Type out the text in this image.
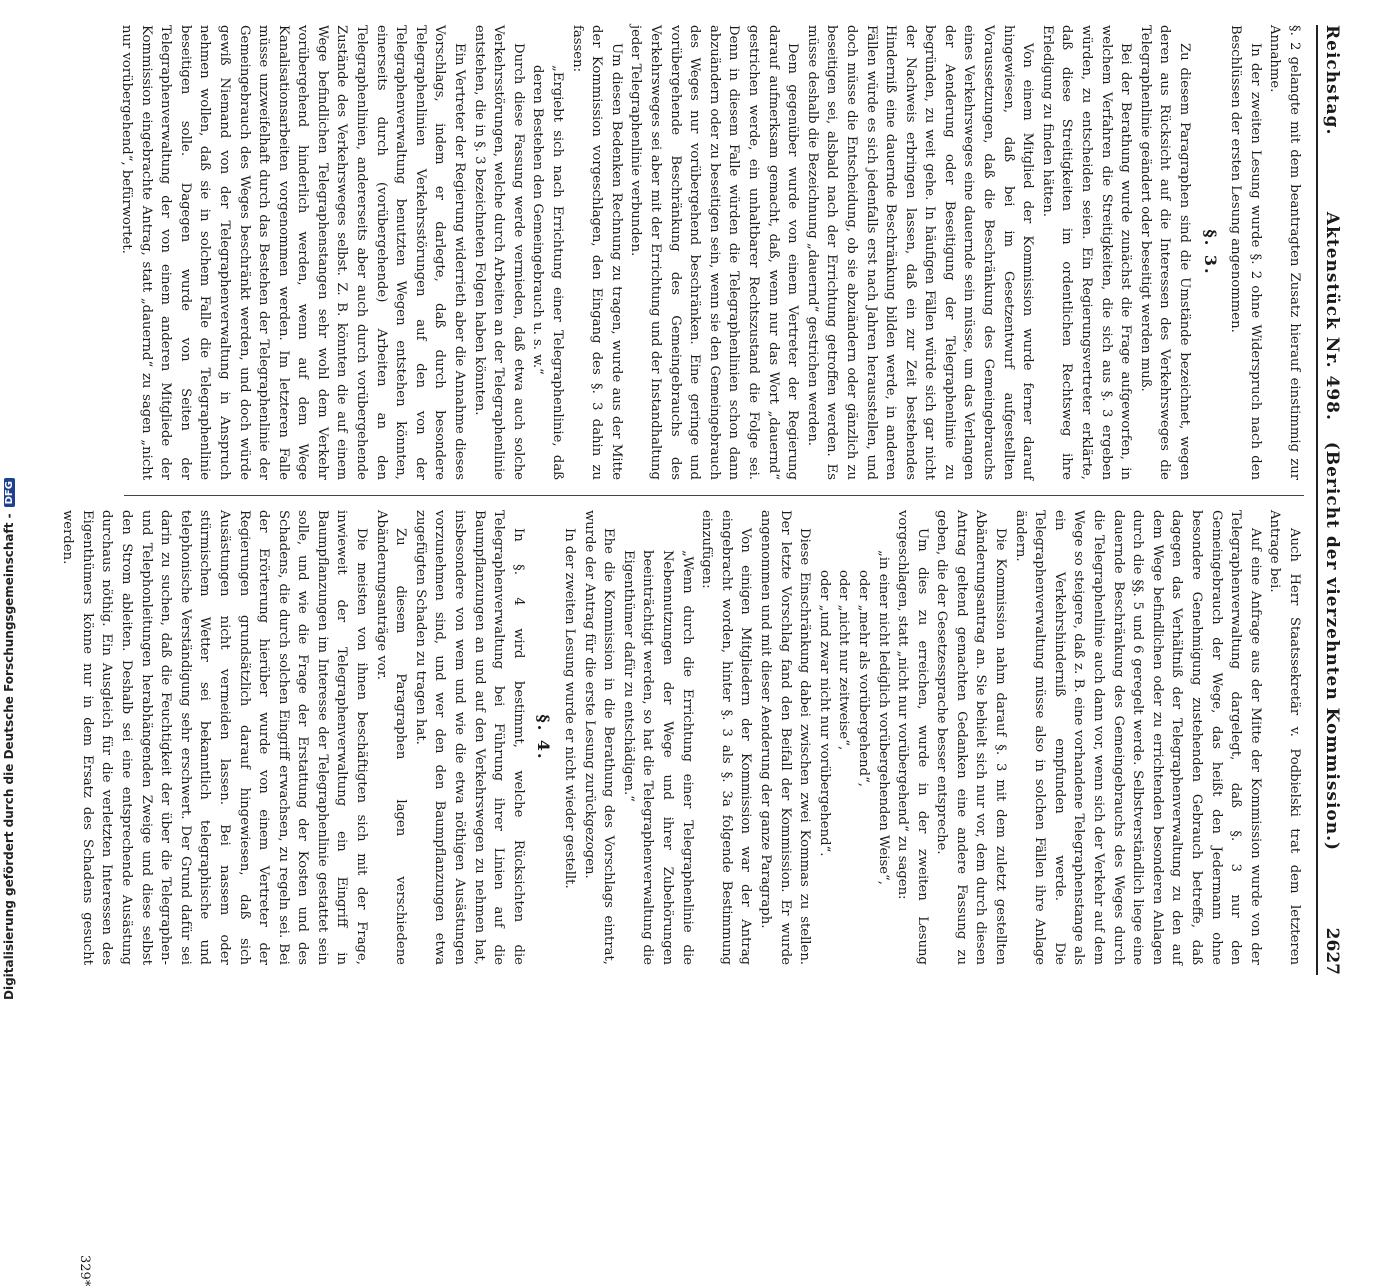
Reichstag.
Aktenstück Nr. 498.   (Bericht der vierzehnten Kommission.)
2627

§. 2 gelangte mit dem beantragten Zusatz hierauf einstimmig zur Annahme.

In der zweiten Lesung wurde §. 2 ohne Widerspruch nach den Beschlüssen der ersten Lesung angenommen.

§. 3.

Zu diesem Paragraphen sind die Umstände bezeichnet, wegen deren aus Rücksicht auf die Interessen des Verkehrsweges die Telegraphenlinie geändert oder beseitigt werden muß.

Bei der Berathung wurde zunächst die Frage aufgeworfen, in welchem Verfahren die Streitigkeiten, die sich aus §. 3 ergeben würden, zu entscheiden seien. Ein Regierungsvertreter erklärte, daß diese Streitigkeiten im ordentlichen Rechtsweg ihre Erledigung zu finden hätten.

Von einem Mitglied der Kommission wurde ferner darauf hingewiesen, daß bei im Gesetzentwurf aufgestellten Voraussetzungen, daß die Beschränkung des Gemeingebrauchs eines Verkehrsweges eine dauernde sein müsse, um das Verlangen der Aenderung oder Beseitigung der Telegraphenlinie zu begründen, zu weit gehe. In häufigen Fällen würde sich gar nicht der Nachweis erbringen lassen, daß ein zur Zeit bestehendes Hinderniß eine dauernde Beschränkung bilden werde, in anderen Fällen würde es sich jedenfalls erst nach Jahren herausstellen, und doch müsse die Entscheidung, ob sie abzuändern oder gänzlich zu beseitigen sei, alsbald nach der Errichtung getroffen werden. Es müsse deshalb die Bezeichnung „dauernd“ gestrichen werden.

Dem gegenüber wurde von einem Vertreter der Regierung darauf aufmerksam gemacht, daß, wenn nur das Wort „dauernd“ gestrichen werde, ein unhaltbarer Rechtszustand die Folge sei. Denn in diesem Falle würden die Telegraphenlinien schon dann abzuändern oder zu beseitigen sein, wenn sie den Gemeingebrauch des Weges nur vorübergehend beschränken. Eine geringe und vorübergehende Beschränkung des Gemeingebrauchs des Verkehrsweges sei aber mit der Errichtung und der Instandhaltung jeder Telegraphenlinie verbunden.

Um diesen Bedenken Rechnung zu tragen, wurde aus der Mitte der Kommission vorgeschlagen, den Eingang des §. 3 dahin zu fassen:

„Ergiebt sich nach Errichtung einer Telegraphenlinie, daß deren Bestehen den Gemeingebrauch u. s. w.“

Durch diese Fassung werde vermieden, daß etwa auch solche Verkehrsstörungen, welche durch Arbeiten an der Telegraphenlinie entstehen, die in §. 3 bezeichneten Folgen haben könnten.

Ein Vertreter der Regierung widerrieth aber die Annahme dieses Vorschlags, indem er darlegte, daß durch besondere Telegraphenlinien Verkehrsstörungen auf den von der Telegraphenverwaltung benutzten Wegen entstehen könnten, einerseits durch (vorübergehende) Arbeiten an den Telegraphenlinien, andererseits aber auch durch vorübergehende Zustände des Verkehrsweges selbst. Z. B. könnten die auf einem Wege befindlichen Telegraphenstangen sehr wohl dem Verkehr vorübergehend hinderlich werden, wenn auf dem Wege Kanalisationsarbeiten vorgenommen werden. Im letzteren Falle müsse unzweifelhaft durch das Bestehen der Telegraphenlinie der Gemeingebrauch des Weges beschränkt werden, und doch würde gewiß Niemand von der Telegraphenverwaltung in Anspruch nehmen wollen, daß sie in solchem Falle die Telegraphenlinie beseitigen solle. Dagegen wurde von Seiten der Telegraphenverwaltung der von einem anderen Mitgliede der Kommission eingebrachte Antrag, statt „dauernd“ zu sagen „nicht nur vorübergehend“, befürwortet.

Auch Herr Staatssekretär v. Podbielski trat dem letzteren Antrage bei.

Auf eine Anfrage aus der Mitte der Kommission wurde von der Telegraphenverwaltung dargelegt, daß §. 3 nur den Gemeingebrauch der Wege, das heißt den Jedermann ohne besondere Genehmigung zustehenden Gebrauch betreffe, daß dagegen das Verhältniß der Telegraphenverwaltung zu den auf dem Wege befindlichen oder zu errichtenden besonderen Anlagen durch die §§. 5 und 6 geregelt werde. Selbstverständlich liege eine dauernde Beschränkung des Gemeingebrauchs des Weges durch die Telegraphenlinie auch dann vor, wenn sich der Verkehr auf dem Wege so steigere, daß z. B. eine vorhandene Telegraphenstange als ein Verkehrshinderniß empfunden werde. Die Telegraphenverwaltung müsse also in solchen Fällen ihre Anlage ändern.

Die Kommission nahm darauf §. 3 mit dem zuletzt gestellten Abänderungsantrag an. Sie behielt sich nur vor, dem durch diesen Antrag geltend gemachten Gedanken eine andere Fassung zu geben, die der Gesetzessprache besser entspreche.

Um dies zu erreichen, wurde in der zweiten Lesung vorgeschlagen, statt „nicht nur vorübergehend“ zu sagen:

„in einer nicht lediglich vorübergehenden Weise“,

oder „mehr als vorübergehend“,

oder „nicht nur zeitweise“,

oder „und zwar nicht nur vorübergehend“.

Diese Einschränkung dabei zwischen zwei Kommas zu stellen. Der letzte Vorschlag fand den Beifall der Kommission. Er wurde angenommen und mit dieser Aenderung der ganze Paragraph.

Von einigen Mitgliedern der Kommission war der Antrag eingebracht worden, hinter §. 3 als §. 3a folgende Bestimmung einzufügen:

„Wenn durch die Errichtung einer Telegraphenlinie die Nebennutzungen der Wege und ihrer Zubehörungen beeinträchtigt werden, so hat die Telegraphenverwaltung die Eigenthümer dafür zu entschädigen.“

Ehe die Kommission in die Berathung des Vorschlags eintrat, wurde der Antrag für die erste Lesung zurückgezogen.

In der zweiten Lesung wurde er nicht wieder gestellt.

§. 4.

In §. 4 wird bestimmt, welche Rücksichten die Telegraphenverwaltung bei Führung ihrer Linien auf die Baumpflanzungen an und auf den Verkehrswegen zu nehmen hat, insbesondere von wem und wie die etwa nöthigen Ausästungen vorzunehmen sind, und wer den den Baumpflanzungen etwa zugefügten Schaden zu tragen hat.

Zu diesem Paragraphen lagen verschiedene Abänderungsanträge vor.

Die meisten von ihnen beschäftigten sich mit der Frage, inwieweit der Telegraphenverwaltung ein Eingriff in Baumpflanzungen im Interesse der Telegraphenlinie gestattet sein solle, und wie die Frage der Erstattung der Kosten und des Schadens, die durch solchen Eingriff erwachsen, zu regeln sei. Bei der Erörterung hierüber wurde von einem Vertreter der Regierungen grundsätzlich darauf hingewiesen, daß sich Ausästungen nicht vermeiden lassen. Bei nassem oder stürmischem Wetter sei bekanntlich telegraphische und telephonische Verständigung sehr erschwert. Der Grund dafür sei darin zu suchen, daß die Feuchtigkeit der über die Telegraphen- und Telephonleitungen herabhängenden Zweige und diese selbst den Strom ableiten. Deshalb sei eine entsprechende Ausästung durchaus nöthig. Ein Ausgleich für die verletzten Interessen des Eigenthümers könne nur in dem Ersatz des Schadens gesucht werden.

329*
Digitalisierung gefördert durch die Deutsche Forschungsgemeinschaft -
DFG
